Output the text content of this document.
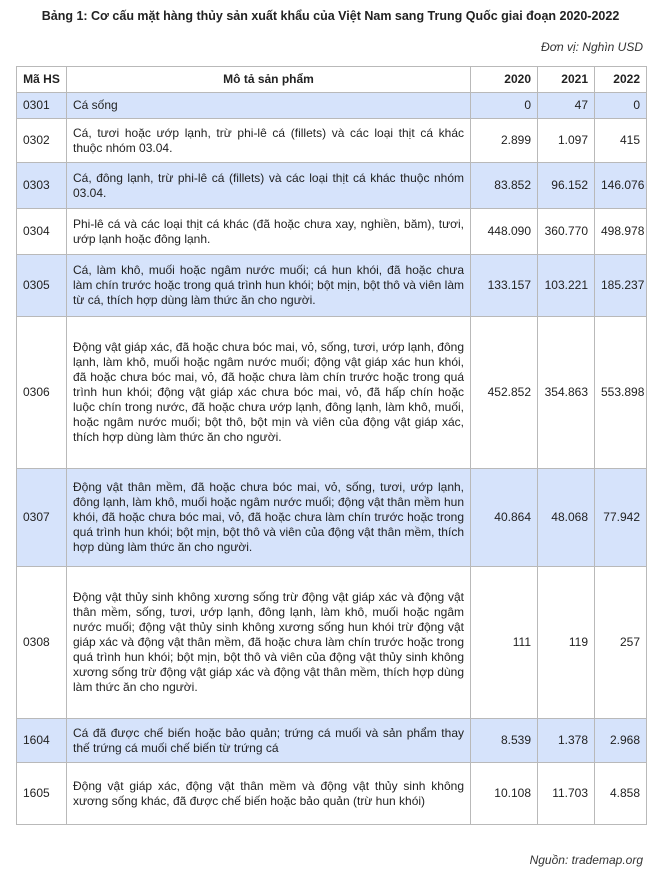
Bảng 1: Cơ cấu mặt hàng thủy sản xuất khẩu của Việt Nam sang Trung Quốc giai đoạn 2020-2022
Đơn vị: Nghìn USD
Mã HS	Mô tả sản phẩm	2020	2021	2022
0301	Cá sống	0	47	0
0302	Cá, tươi hoặc ướp lạnh, trừ phi-lê cá (fillets) và các loại thịt cá khác thuộc nhóm 03.04.	2.899	1.097	415
0303	Cá, đông lạnh, trừ phi-lê cá (fillets) và các loại thịt cá khác thuộc nhóm 03.04.	83.852	96.152	146.076
0304	Phi-lê cá và các loại thịt cá khác (đã hoặc chưa xay, nghiền, băm), tươi, ướp lạnh hoặc đông lạnh.	448.090	360.770	498.978
0305	Cá, làm khô, muối hoặc ngâm nước muối; cá hun khói, đã hoặc chưa làm chín trước hoặc trong quá trình hun khói; bột mịn, bột thô và viên làm từ cá, thích hợp dùng làm thức ăn cho người.	133.157	103.221	185.237
0306	Động vật giáp xác, đã hoặc chưa bóc mai, vỏ, sống, tươi, ướp lạnh, đông lạnh, làm khô, muối hoặc ngâm nước muối; động vật giáp xác hun khói, đã hoặc chưa bóc mai, vỏ, đã hoặc chưa làm chín trước hoặc trong quá trình hun khói; động vật giáp xác chưa bóc mai, vỏ, đã hấp chín hoặc luộc chín trong nước, đã hoặc chưa ướp lạnh, đông lạnh, làm khô, muối, hoặc ngâm nước muối; bột thô, bột mịn và viên của động vật giáp xác, thích hợp dùng làm thức ăn cho người.	452.852	354.863	553.898
0307	Động vật thân mềm, đã hoặc chưa bóc mai, vỏ, sống, tươi, ướp lạnh, đông lạnh, làm khô, muối hoặc ngâm nước muối; động vật thân mềm hun khói, đã hoặc chưa bóc mai, vỏ, đã hoặc chưa làm chín trước hoặc trong quá trình hun khói; bột mịn, bột thô và viên của động vật thân mềm, thích hợp dùng làm thức ăn cho người.	40.864	48.068	77.942
0308	Động vật thủy sinh không xương sống trừ động vật giáp xác và động vật thân mềm, sống, tươi, ướp lạnh, đông lạnh, làm khô, muối hoặc ngâm nước muối; động vật thủy sinh không xương sống hun khói trừ động vật giáp xác và động vật thân mềm, đã hoặc chưa làm chín trước hoặc trong quá trình hun khói; bột mịn, bột thô và viên của động vật thủy sinh không xương sống trừ động vật giáp xác và động vật thân mềm, thích hợp dùng làm thức ăn cho người.	111	119	257
1604	Cá đã được chế biến hoặc bảo quản; trứng cá muối và sản phẩm thay thế trứng cá muối chế biến từ trứng cá	8.539	1.378	2.968
1605	Động vật giáp xác, động vật thân mềm và động vật thủy sinh không xương sống khác, đã được chế biến hoặc bảo quản (trừ hun khói)	10.108	11.703	4.858
Nguồn: trademap.org
